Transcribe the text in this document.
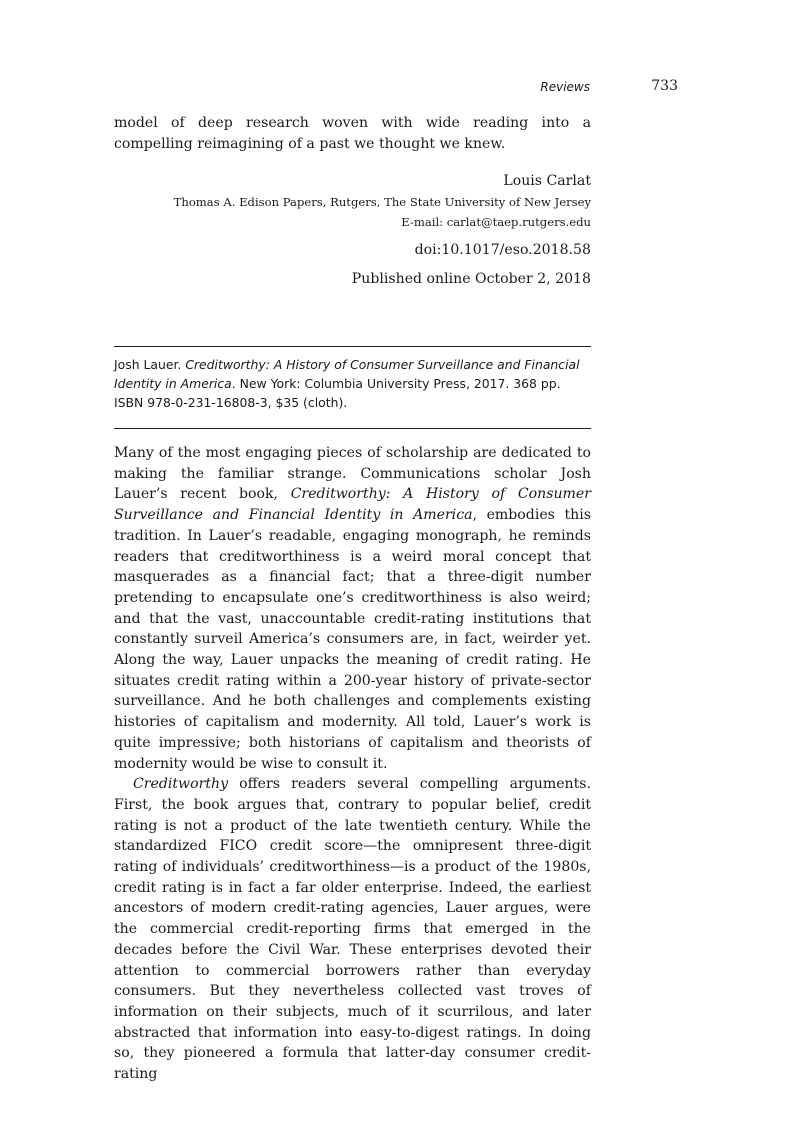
Reviews	733

model of deep research woven with wide reading into a compelling reimagining of a past we thought we knew.

Louis Carlat
Thomas A. Edison Papers, Rutgers, The State University of New Jersey
E-mail: carlat@taep.rutgers.edu
doi:10.1017/eso.2018.58
Published online October 2, 2018
Josh Lauer. Creditworthy: A History of Consumer Surveillance and Financial Identity in America. New York: Columbia University Press, 2017. 368 pp. ISBN 978-0-231-16808-3, $35 (cloth).

Many of the most engaging pieces of scholarship are dedicated to making the familiar strange. Communications scholar Josh Lauer’s recent book, Creditworthy: A History of Consumer Surveillance and Financial Identity in America, embodies this tradition. In Lauer’s readable, engaging monograph, he reminds readers that creditworthiness is a weird moral concept that masquerades as a financial fact; that a three-digit number pretending to encapsulate one’s creditworthiness is also weird; and that the vast, unaccountable credit-rating institutions that constantly surveil America’s consumers are, in fact, weirder yet. Along the way, Lauer unpacks the meaning of credit rating. He situates credit rating within a 200-year history of private-sector surveillance. And he both challenges and complements existing histories of capitalism and modernity. All told, Lauer’s work is quite impressive; both historians of capitalism and theorists of modernity would be wise to consult it.

Creditworthy offers readers several compelling arguments. First, the book argues that, contrary to popular belief, credit rating is not a product of the late twentieth century. While the standardized FICO credit score—the omnipresent three-digit rating of individuals’ creditworthiness—is a product of the 1980s, credit rating is in fact a far older enterprise. Indeed, the earliest ancestors of modern credit-rating agencies, Lauer argues, were the commercial credit-reporting firms that emerged in the decades before the Civil War. These enterprises devoted their attention to commercial borrowers rather than everyday consumers. But they nevertheless collected vast troves of information on their subjects, much of it scurrilous, and later abstracted that information into easy-to-digest ratings. In doing so, they pioneered a formula that latter-day consumer credit-rating
